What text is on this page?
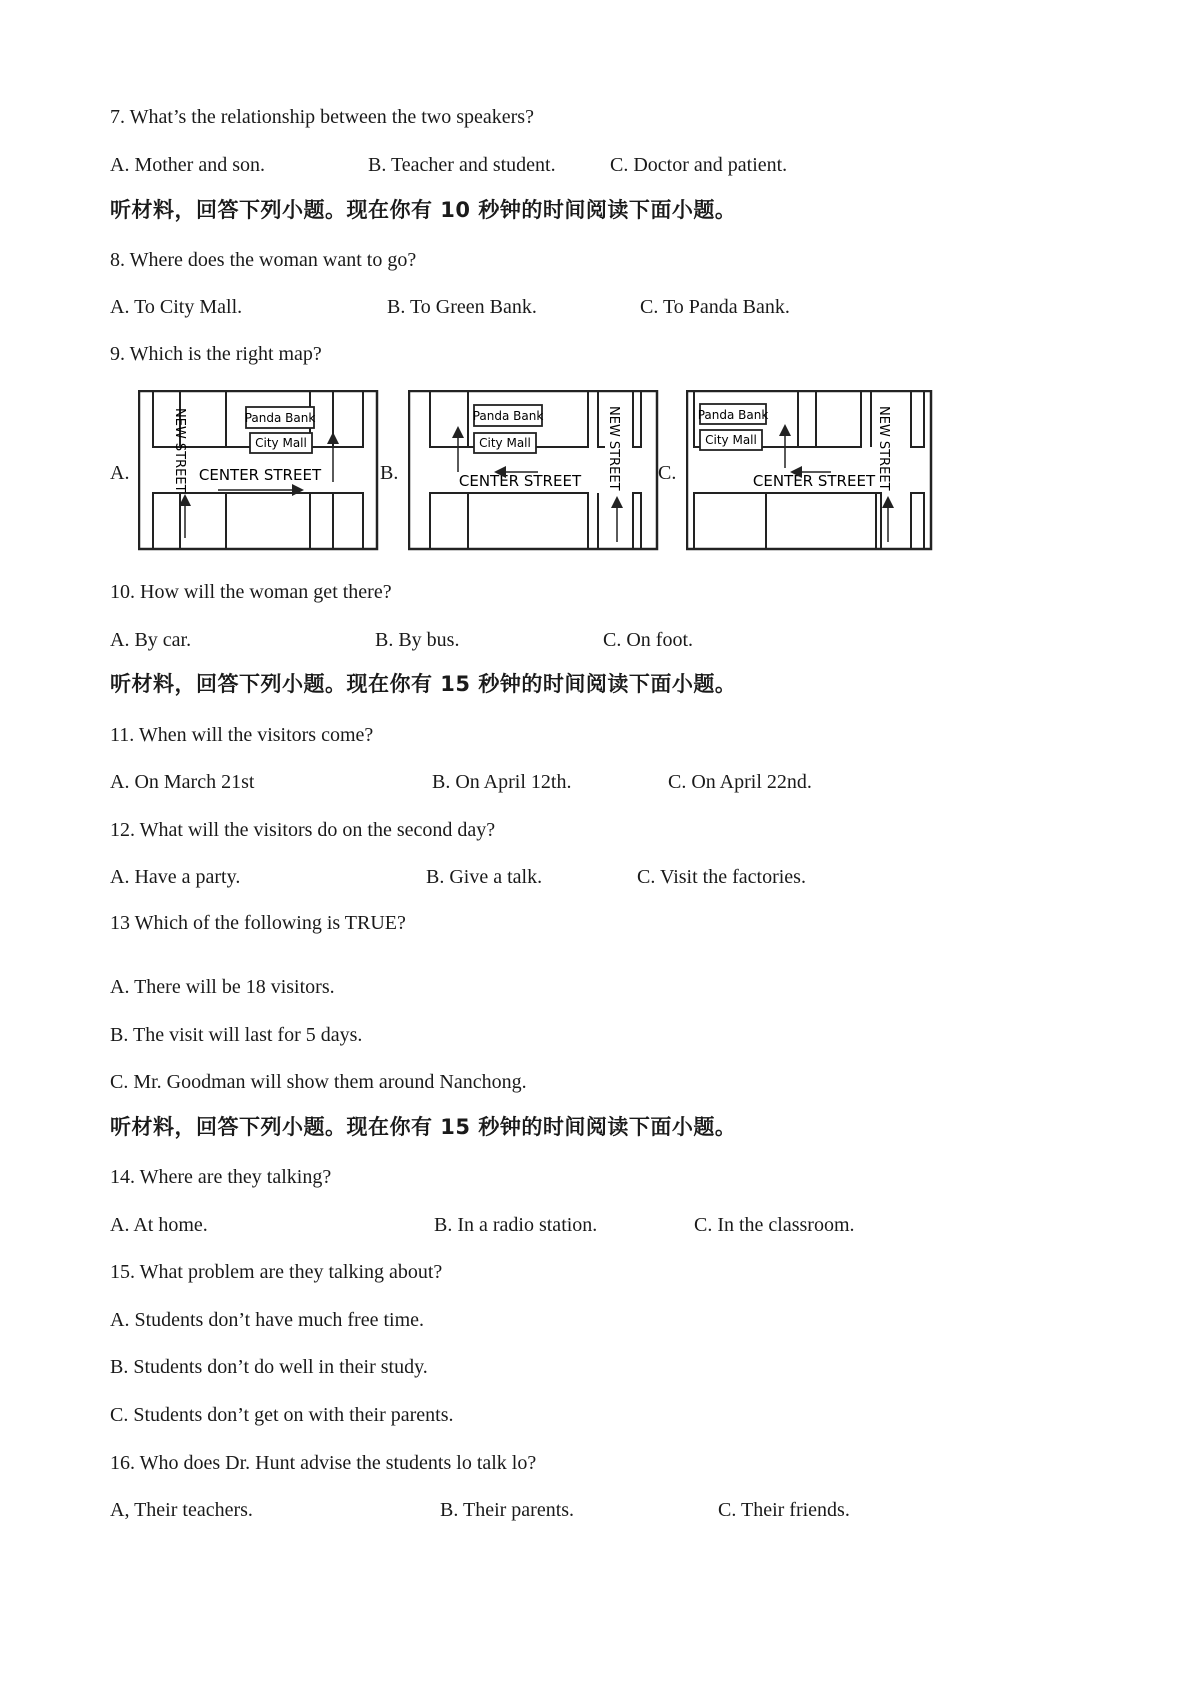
7. What’s the relationship between the two speakers?
A. Mother and son.	B. Teacher and student.	C. Doctor and patient.
听材料，回答下列小题。现在你有 10 秒钟的时间阅读下面小题。
8. Where does the woman want to go?
A. To City Mall.	B. To Green Bank.	C. To Panda Bank.
9. Which is the right map?
A.	B.	C.
Panda Bank
City Mall
CENTER STREET
NEW STREET	Panda Bank
City Mall
CENTER STREET NEW STREET	Panda Bank
City Mall
CENTER STREET NEW STREET
10. How will the woman get there?
A. By car.	B. By bus.	C. On foot.
听材料，回答下列小题。现在你有 15 秒钟的时间阅读下面小题。
11. When will the visitors come?
A. On March 21st	B. On April 12th.	C. On April 22nd.
12. What will the visitors do on the second day?
A. Have a party.	B. Give a talk.	C. Visit the factories.
13 Which of the following is TRUE?
A. There will be 18 visitors.
B. The visit will last for 5 days.
C. Mr. Goodman will show them around Nanchong.
听材料，回答下列小题。现在你有 15 秒钟的时间阅读下面小题。
14. Where are they talking?
A. At home.	B. In a radio station.	C. In the classroom.
15. What problem are they talking about?
A. Students don’t have much free time.
B. Students don’t do well in their study.
C. Students don’t get on with their parents.
16. Who does Dr. Hunt advise the students lo talk lo?
A, Their teachers.	B. Their parents.	C. Their friends.
